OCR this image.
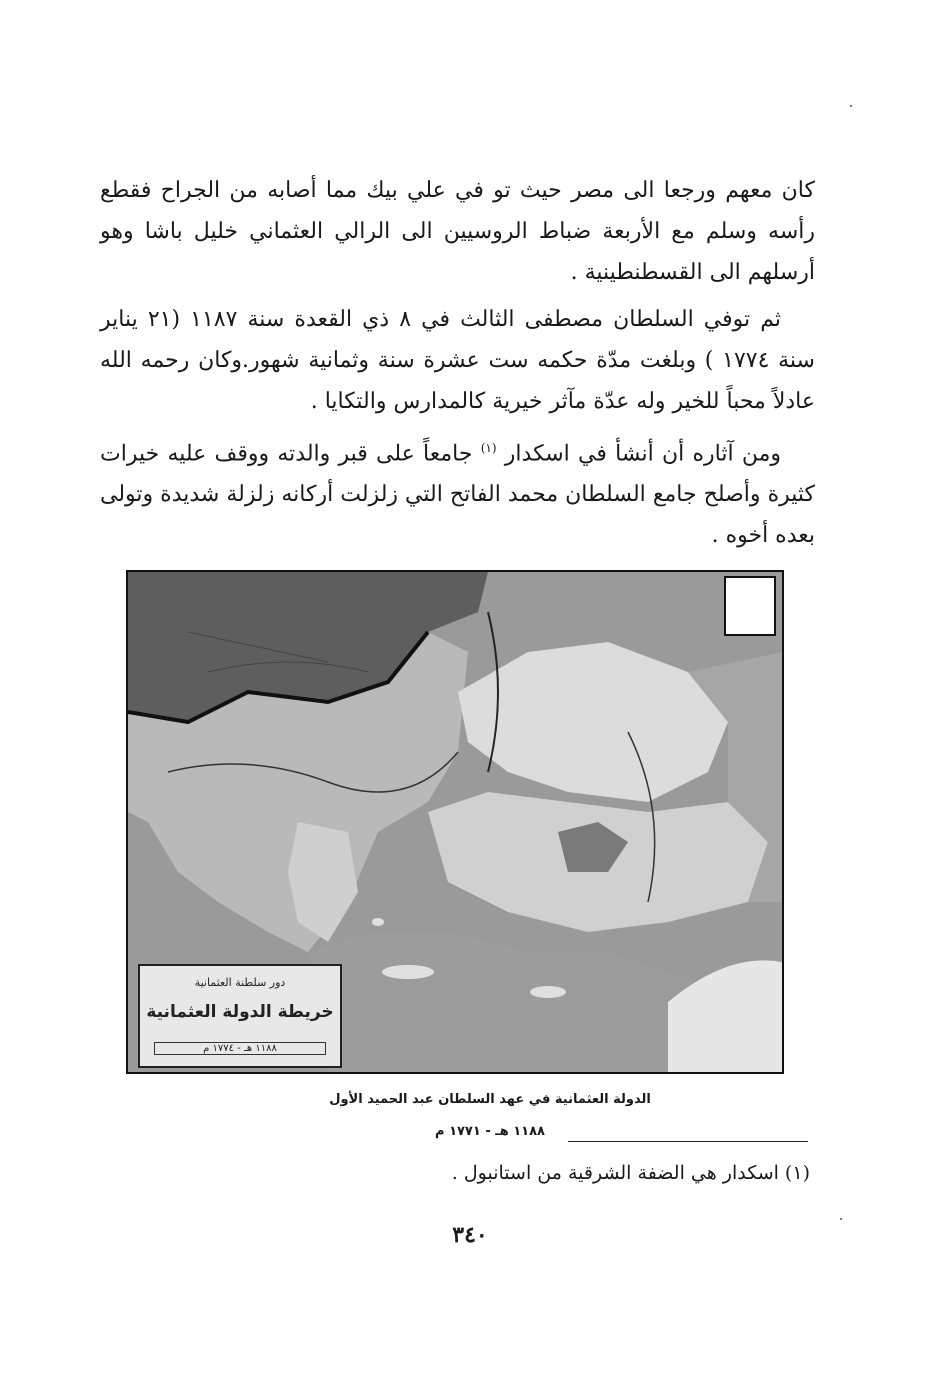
كان معهم ورجعا الى مصر حيث تو في علي بيك مما أصابه من الجراح فقطع رأسه وسلم مع الأربعة ضباط الروسيين الى الرالي العثماني خليل باشا وهو أرسلهم الى القسطنطينية .

ثم توفي السلطان مصطفى الثالث في ٨ ذي القعدة سنة ١١٨٧ (٢١ يناير سنة ١٧٧٤ ) وبلغت مدّة حكمه ست عشرة سنة وثمانية شهور.وكان رحمه الله عادلاً محباً للخير وله عدّة مآثر خيرية كالمدارس والتكايا .

ومن آثاره أن أنشأ في اسكدار $^{(١)}$ جامعاً على قبر والدته ووقف عليه خيرات كثيرة وأصلح جامع السلطان محمد الفاتح التي زلزلت أركانه زلزلة شديدة وتولى بعده أخوه .

دور سلطنة العثمانية
خريطة الدولة العثمانية
١١٨٨ هـ - ١٧٧٤ م
الدولة العثمانية في عهد السلطان عبد الحميد الأول
١١٨٨ هـ - ١٧٧١ م
(١) اسكدار هي الضفة الشرقية من استانبول .
٣٤٠
